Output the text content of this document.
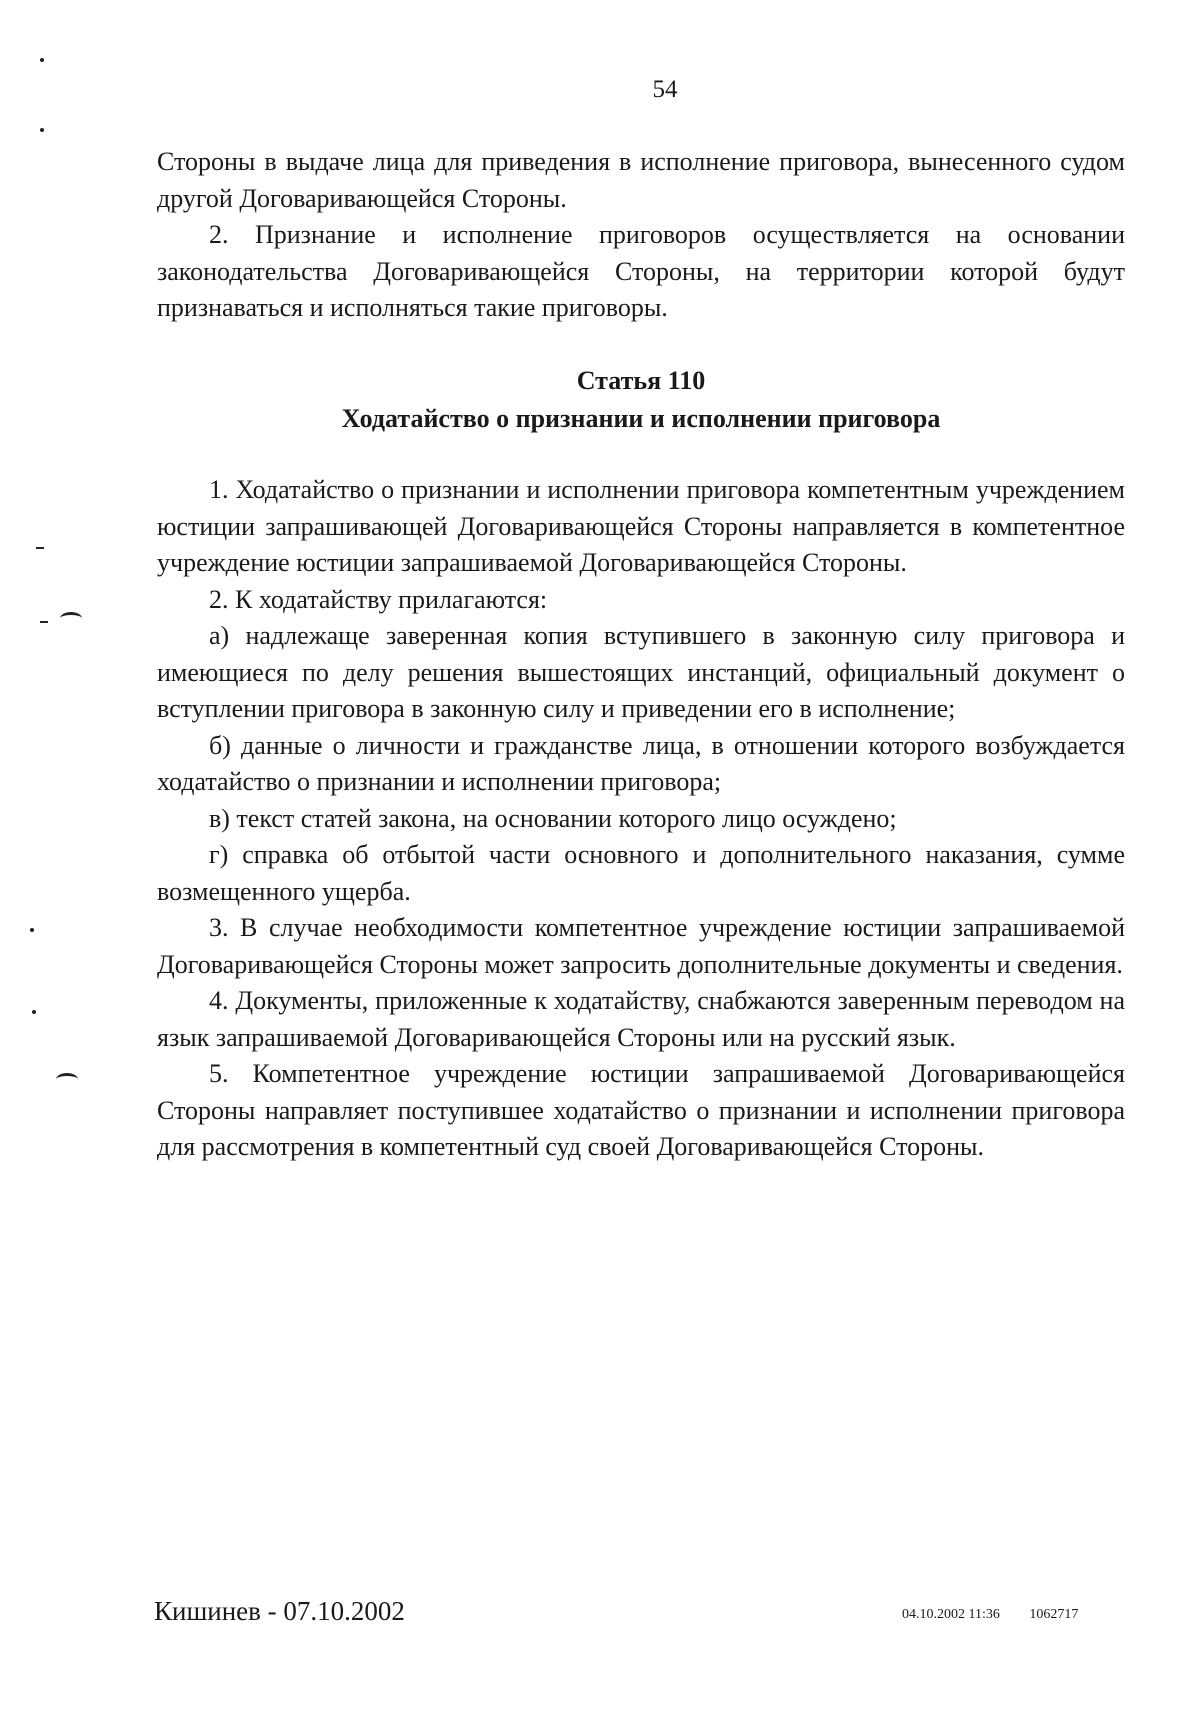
54

Стороны в выдаче лица для приведения в исполнение приговора, вынесенного судом другой Договаривающейся Стороны.

2. Признание и исполнение приговоров осуществляется на основании законодательства Договаривающейся Стороны, на территории которой будут признаваться и исполняться такие приговоры.

Статья 110
Ходатайство о признании и исполнении приговора

1. Ходатайство о признании и исполнении приговора компетентным учреждением юстиции запрашивающей Договаривающейся Стороны направляется в компетентное учреждение юстиции запрашиваемой Договаривающейся Стороны.

2. К ходатайству прилагаются:

а) надлежаще заверенная копия вступившего в законную силу приговора и имеющиеся по делу решения вышестоящих инстанций, официальный документ о вступлении приговора в законную силу и приведении его в исполнение;

б) данные о личности и гражданстве лица, в отношении которого возбуждается ходатайство о признании и исполнении приговора;

в) текст статей закона, на основании которого лицо осуждено;

г) справка об отбытой части основного и дополнительного наказания, сумме возмещенного ущерба.

3. В случае необходимости компетентное учреждение юстиции запрашиваемой Договаривающейся Стороны может запросить дополнительные документы и сведения.

4. Документы, приложенные к ходатайству, снабжаются заверенным переводом на язык запрашиваемой Договаривающейся Стороны или на русский язык.

5. Компетентное учреждение юстиции запрашиваемой Договаривающейся Стороны направляет поступившее ходатайство о признании и исполнении приговора для рассмотрения в компетентный суд своей Договаривающейся Стороны.

Кишинев - 07.10.2002	04.10.2002 11:36 1062717
